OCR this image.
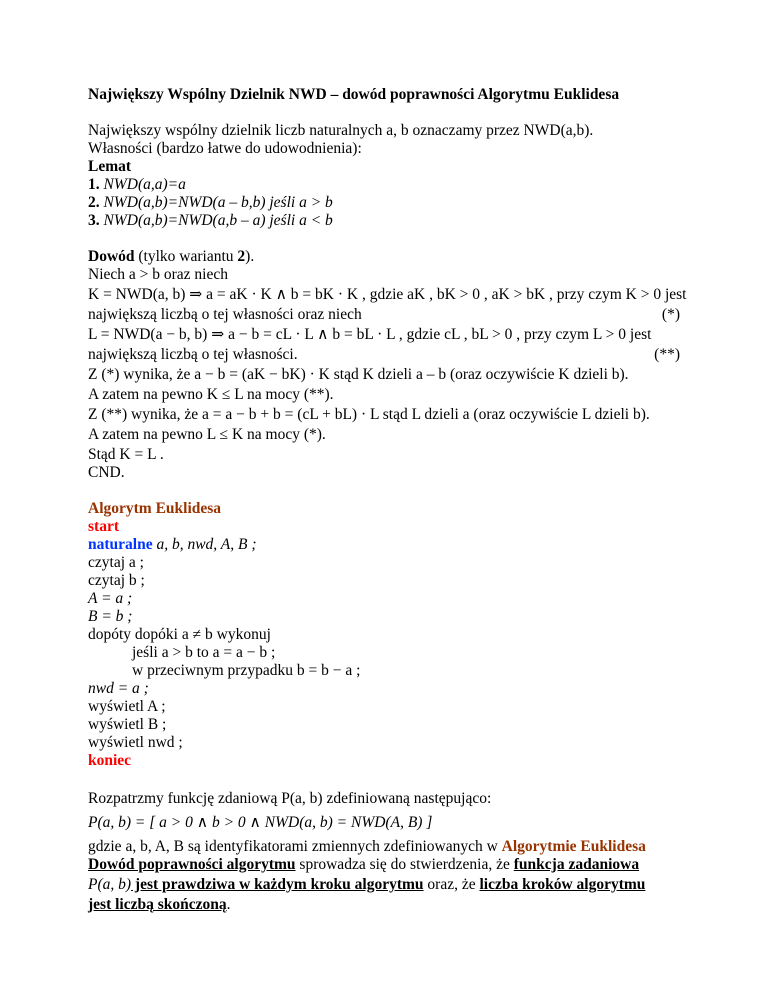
Największy Wspólny Dzielnik NWD – dowód poprawności Algorytmu Euklidesa
Największy wspólny dzielnik liczb naturalnych a, b oznaczamy przez NWD(a,b).
Własności (bardzo łatwe do udowodnienia):
Lemat
1. NWD(a,a)=a
2. NWD(a,b)=NWD(a – b,b) jeśli a > b
3. NWD(a,b)=NWD(a,b – a) jeśli a < b
Dowód (tylko wariantu 2).
Niech a > b oraz niech
K = NWD(a, b) ⇒ a = aK · K ∧ b = bK · K , gdzie aK , bK > 0 , aK > bK , przy czym K > 0 jest
największą liczbą o tej własności oraz niech	(*)
L = NWD(a − b, b) ⇒ a − b = cL · L ∧ b = bL · L , gdzie cL , bL > 0 , przy czym L > 0 jest
największą liczbą o tej własności.	(**)
Z (*) wynika, że a − b = (aK − bK) · K stąd K dzieli a – b (oraz oczywiście K dzieli b).
A zatem na pewno K ≤ L na mocy (**).
Z (**) wynika, że a = a − b + b = (cL + bL) · L stąd L dzieli a (oraz oczywiście L dzieli b).
A zatem na pewno L ≤ K na mocy (*).
Stąd K = L .
CND.
Algorytm Euklidesa
start
naturalne a, b, nwd, A, B ;
czytaj a ;
czytaj b ;
A = a ;
B = b ;
dopóty dopóki a ≠ b wykonuj
jeśli a > b to a = a − b ;
w przeciwnym przypadku b = b − a ;
nwd = a ;
wyświetl A ;
wyświetl B ;
wyświetl nwd ;
koniec
Rozpatrzmy funkcję zdaniową P(a, b) zdefiniowaną następująco:
P(a, b) = [ a > 0 ∧ b > 0 ∧ NWD(a, b) = NWD(A, B) ]
gdzie a, b, A, B są identyfikatorami zmiennych zdefiniowanych w Algorytmie Euklidesa
Dowód poprawności algorytmu sprowadza się do stwierdzenia, że funkcja zadaniowa
P(a, b) jest prawdziwa w każdym kroku algorytmu oraz, że liczba kroków algorytmu
jest liczbą skończoną.
